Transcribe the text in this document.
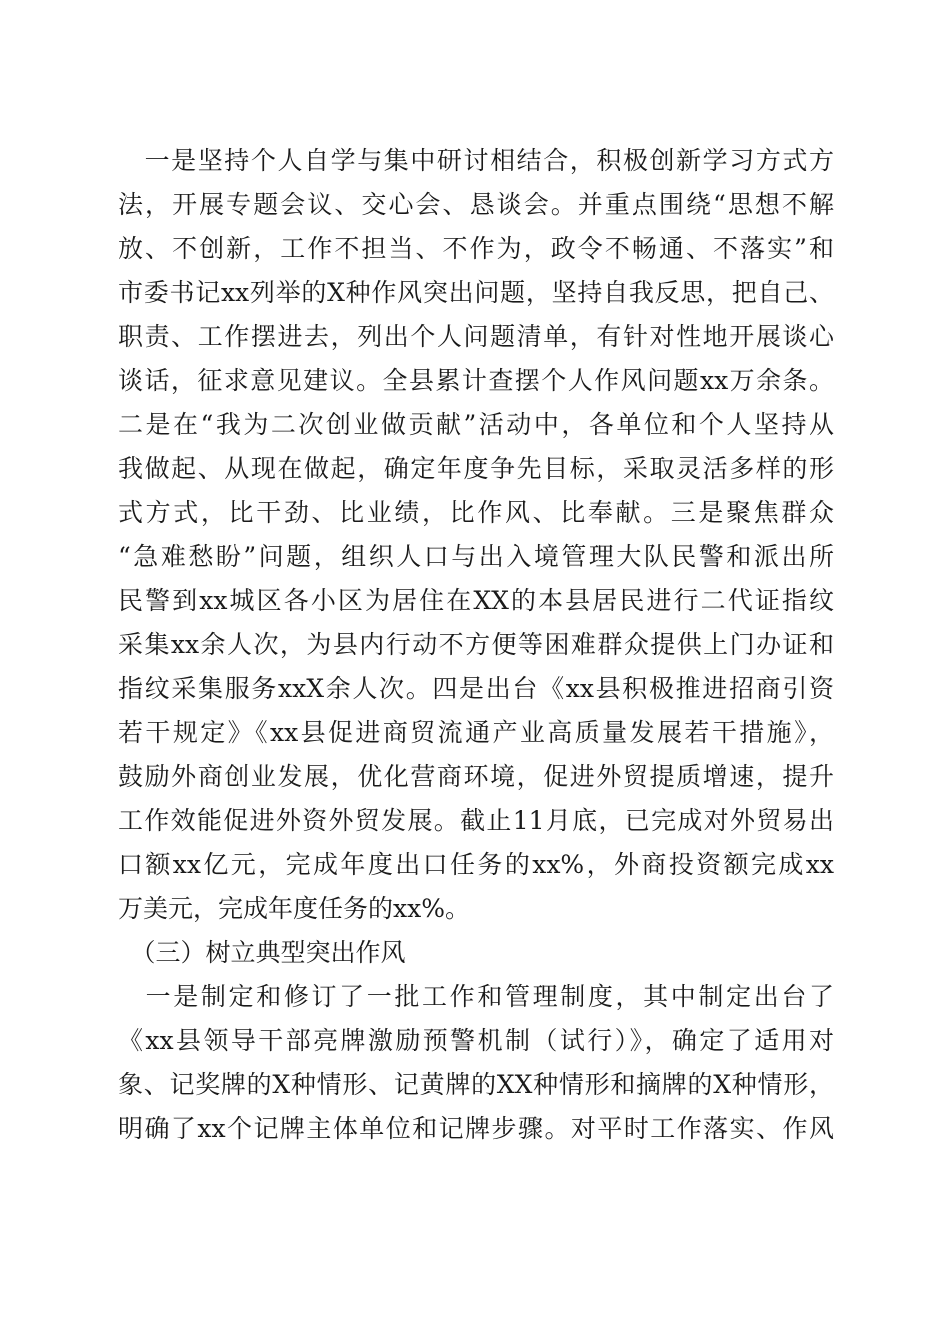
　一是坚持个人自学与集中研讨相结合，积极创新学习方式方
法，开展专题会议、交心会、恳谈会。并重点围绕“思想不解
放、不创新，工作不担当、不作为，政令不畅通、不落实”和
市委书记xx列举的X种作风突出问题，坚持自我反思，把自己、
职责、工作摆进去，列出个人问题清单，有针对性地开展谈心
谈话，征求意见建议。全县累计查摆个人作风问题xx万余条。
二是在“我为二次创业做贡献”活动中，各单位和个人坚持从
我做起、从现在做起，确定年度争先目标，采取灵活多样的形
式方式，比干劲、比业绩，比作风、比奉献。三是聚焦群众
“急难愁盼”问题，组织人口与出入境管理大队民警和派出所
民警到xx城区各小区为居住在XX的本县居民进行二代证指纹
采集xx余人次，为县内行动不方便等困难群众提供上门办证和
指纹采集服务xxX余人次。四是出台《xx县积极推进招商引资
若干规定》《xx县促进商贸流通产业高质量发展若干措施》，
鼓励外商创业发展，优化营商环境，促进外贸提质增速，提升
工作效能促进外资外贸发展。截止11月底，已完成对外贸易出
口额xx亿元，完成年度出口任务的xx%，外商投资额完成xx
万美元，完成年度任务的xx%。
　（三）树立典型突出作风
　一是制定和修订了一批工作和管理制度，其中制定出台了
《xx县领导干部亮牌激励预警机制（试行）》，确定了适用对
象、记奖牌的X种情形、记黄牌的XX种情形和摘牌的X种情形，
明确了xx个记牌主体单位和记牌步骤。对平时工作落实、作风
